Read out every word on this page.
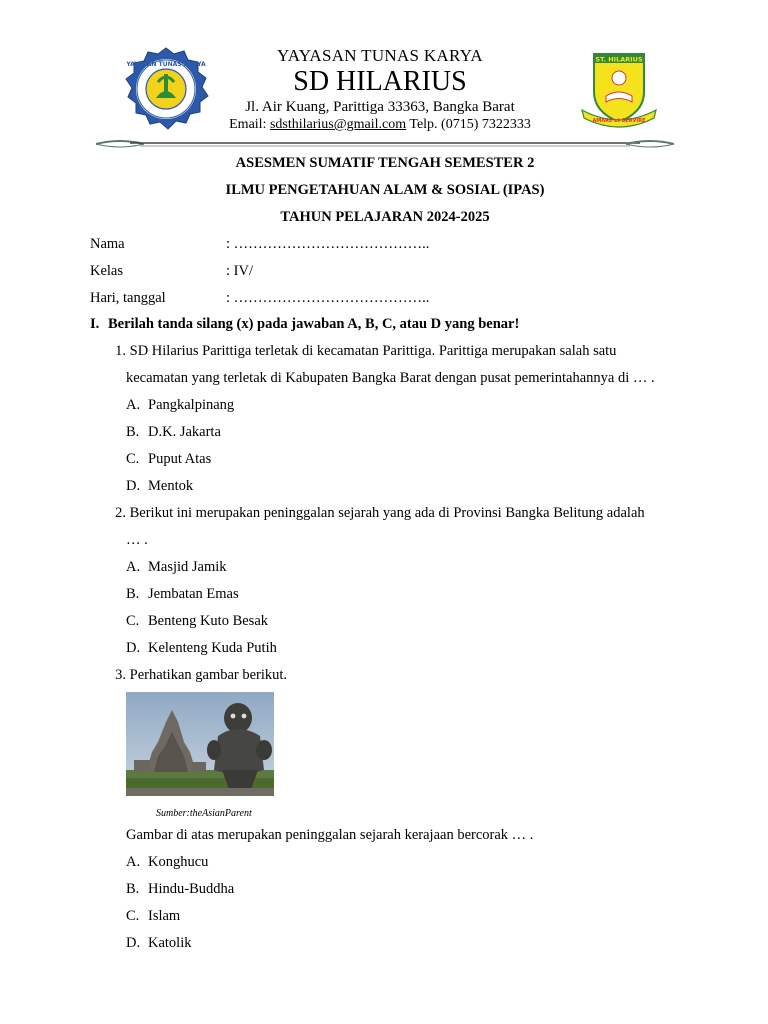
YAYASAN TUNAS KARYA	YAYASAN TUNAS KARYA
SD HILARIUS
Jl. Air Kuang, Parittiga 33363, Bangka Barat
Email: sdsthilarius@gmail.com Telp. (0715) 7322333
ST. HILARIUS
AMARE et SERVIRE
ASESMEN SUMATIF TENGAH SEMESTER 2
ILMU PENGETAHUAN ALAM & SOSIAL (IPAS)
TAHUN PELAJARAN 2024-2025
Nama	: …………………………………..
Kelas	: IV/
Hari, tanggal	: …………………………………..
I. Berilah tanda silang (x) pada jawaban A, B, C, atau D yang benar!
1. SD Hilarius Parittiga terletak di kecamatan Parittiga. Parittiga merupakan salah satu
kecamatan yang terletak di Kabupaten Bangka Barat dengan pusat pemerintahannya di … .
A. Pangkalpinang
B. D.K. Jakarta
C. Puput Atas
D. Mentok
2. Berikut ini merupakan peninggalan sejarah yang ada di Provinsi Bangka Belitung adalah
… .
A. Masjid Jamik
B. Jembatan Emas
C. Benteng Kuto Besak
D. Kelenteng Kuda Putih
3. Perhatikan gambar berikut.
Sumber:theAsianParent
Gambar di atas merupakan peninggalan sejarah kerajaan bercorak … .
A. Konghucu
B. Hindu-Buddha
C. Islam
D. Katolik
